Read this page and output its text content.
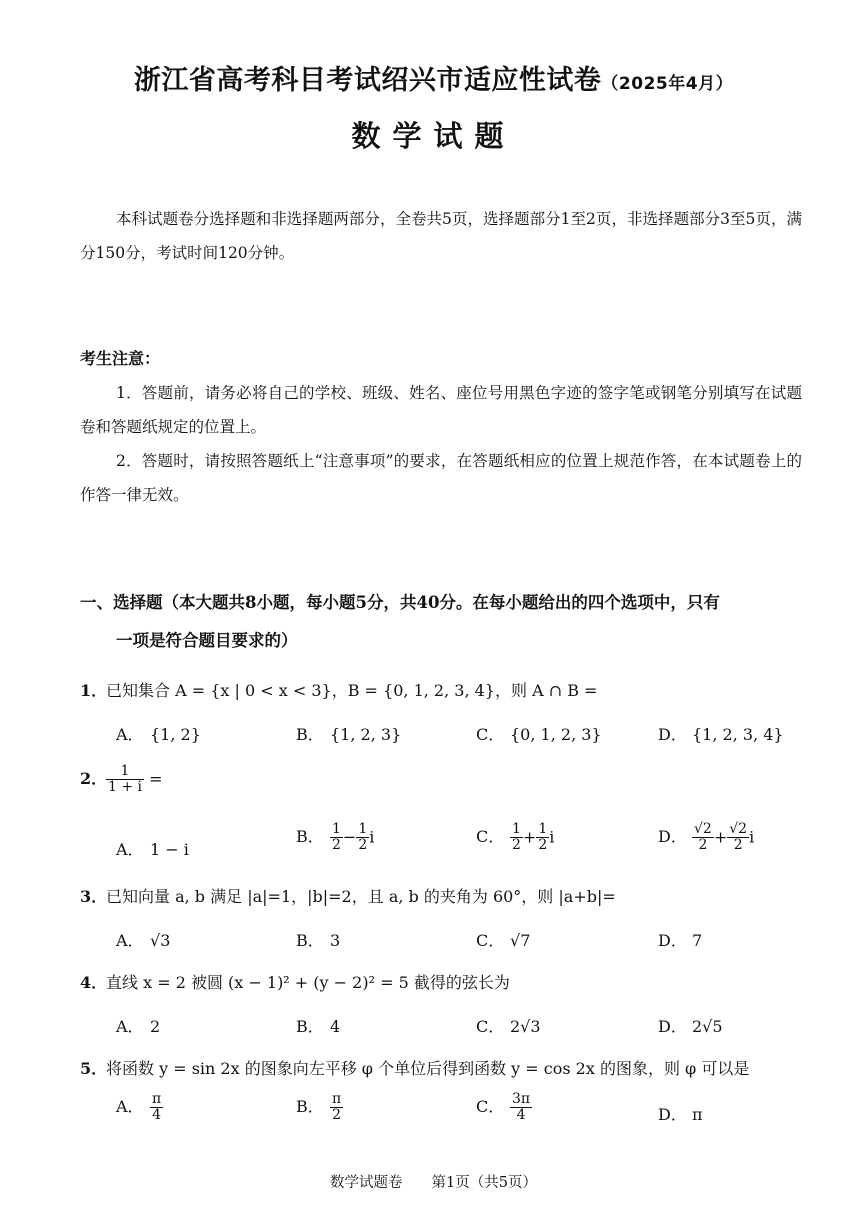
浙江省高考科目考试绍兴市适应性试卷（2025年4月）
数学试题
本科试题卷分选择题和非选择题两部分，全卷共5页，选择题部分1至2页，非选择题部分3至5页，满分150分，考试时间120分钟。
考生注意：

1．答题前，请务必将自己的学校、班级、姓名、座位号用黑色字迹的签字笔或钢笔分别填写在试题卷和答题纸规定的位置上。

2．答题时，请按照答题纸上“注意事项”的要求，在答题纸相应的位置上规范作答，在本试题卷上的作答一律无效。

一、选择题（本大题共8小题，每小题5分，共40分。在每小题给出的四个选项中，只有
一项是符合题目要求的）
1．已知集合 A = {x | 0 < x < 3}，B = {0, 1, 2, 3, 4}，则 A ∩ B =
A． {1, 2}	B． {1, 2, 3}	C． {0, 1, 2, 3}	D． {1, 2, 3, 4}
2．
$\frac{1}{1 + i}$ =
A． 1 − i
B． $\frac{1}{2} - \frac{1}{2}$ i	C． $\frac{1}{2} + \frac{1}{2}$ i	D． $\frac{√2}{2} + \frac{√2}{2}$ i
3．已知向量 a, b 满足 |a|=1，|b|=2，且 a, b 的夹角为 60°，则 |a+b|=
A． √3	B． 3	C． √7	D． 7
4．直线 x = 2 被圆 (x − 1)² + (y − 2)² = 5 截得的弦长为
A． 2	B． 4	C． 2√3	D． 2√5
5．将函数 y = sin 2x 的图象向左平移 φ 个单位后得到函数 y = cos 2x 的图象，则 φ 可以是
A． $\frac{\pi}{4}$	B． $\frac{\pi}{2}$	C． $\frac{3\pi}{4}$	D． π
数学试题卷　　第1页（共5页）
